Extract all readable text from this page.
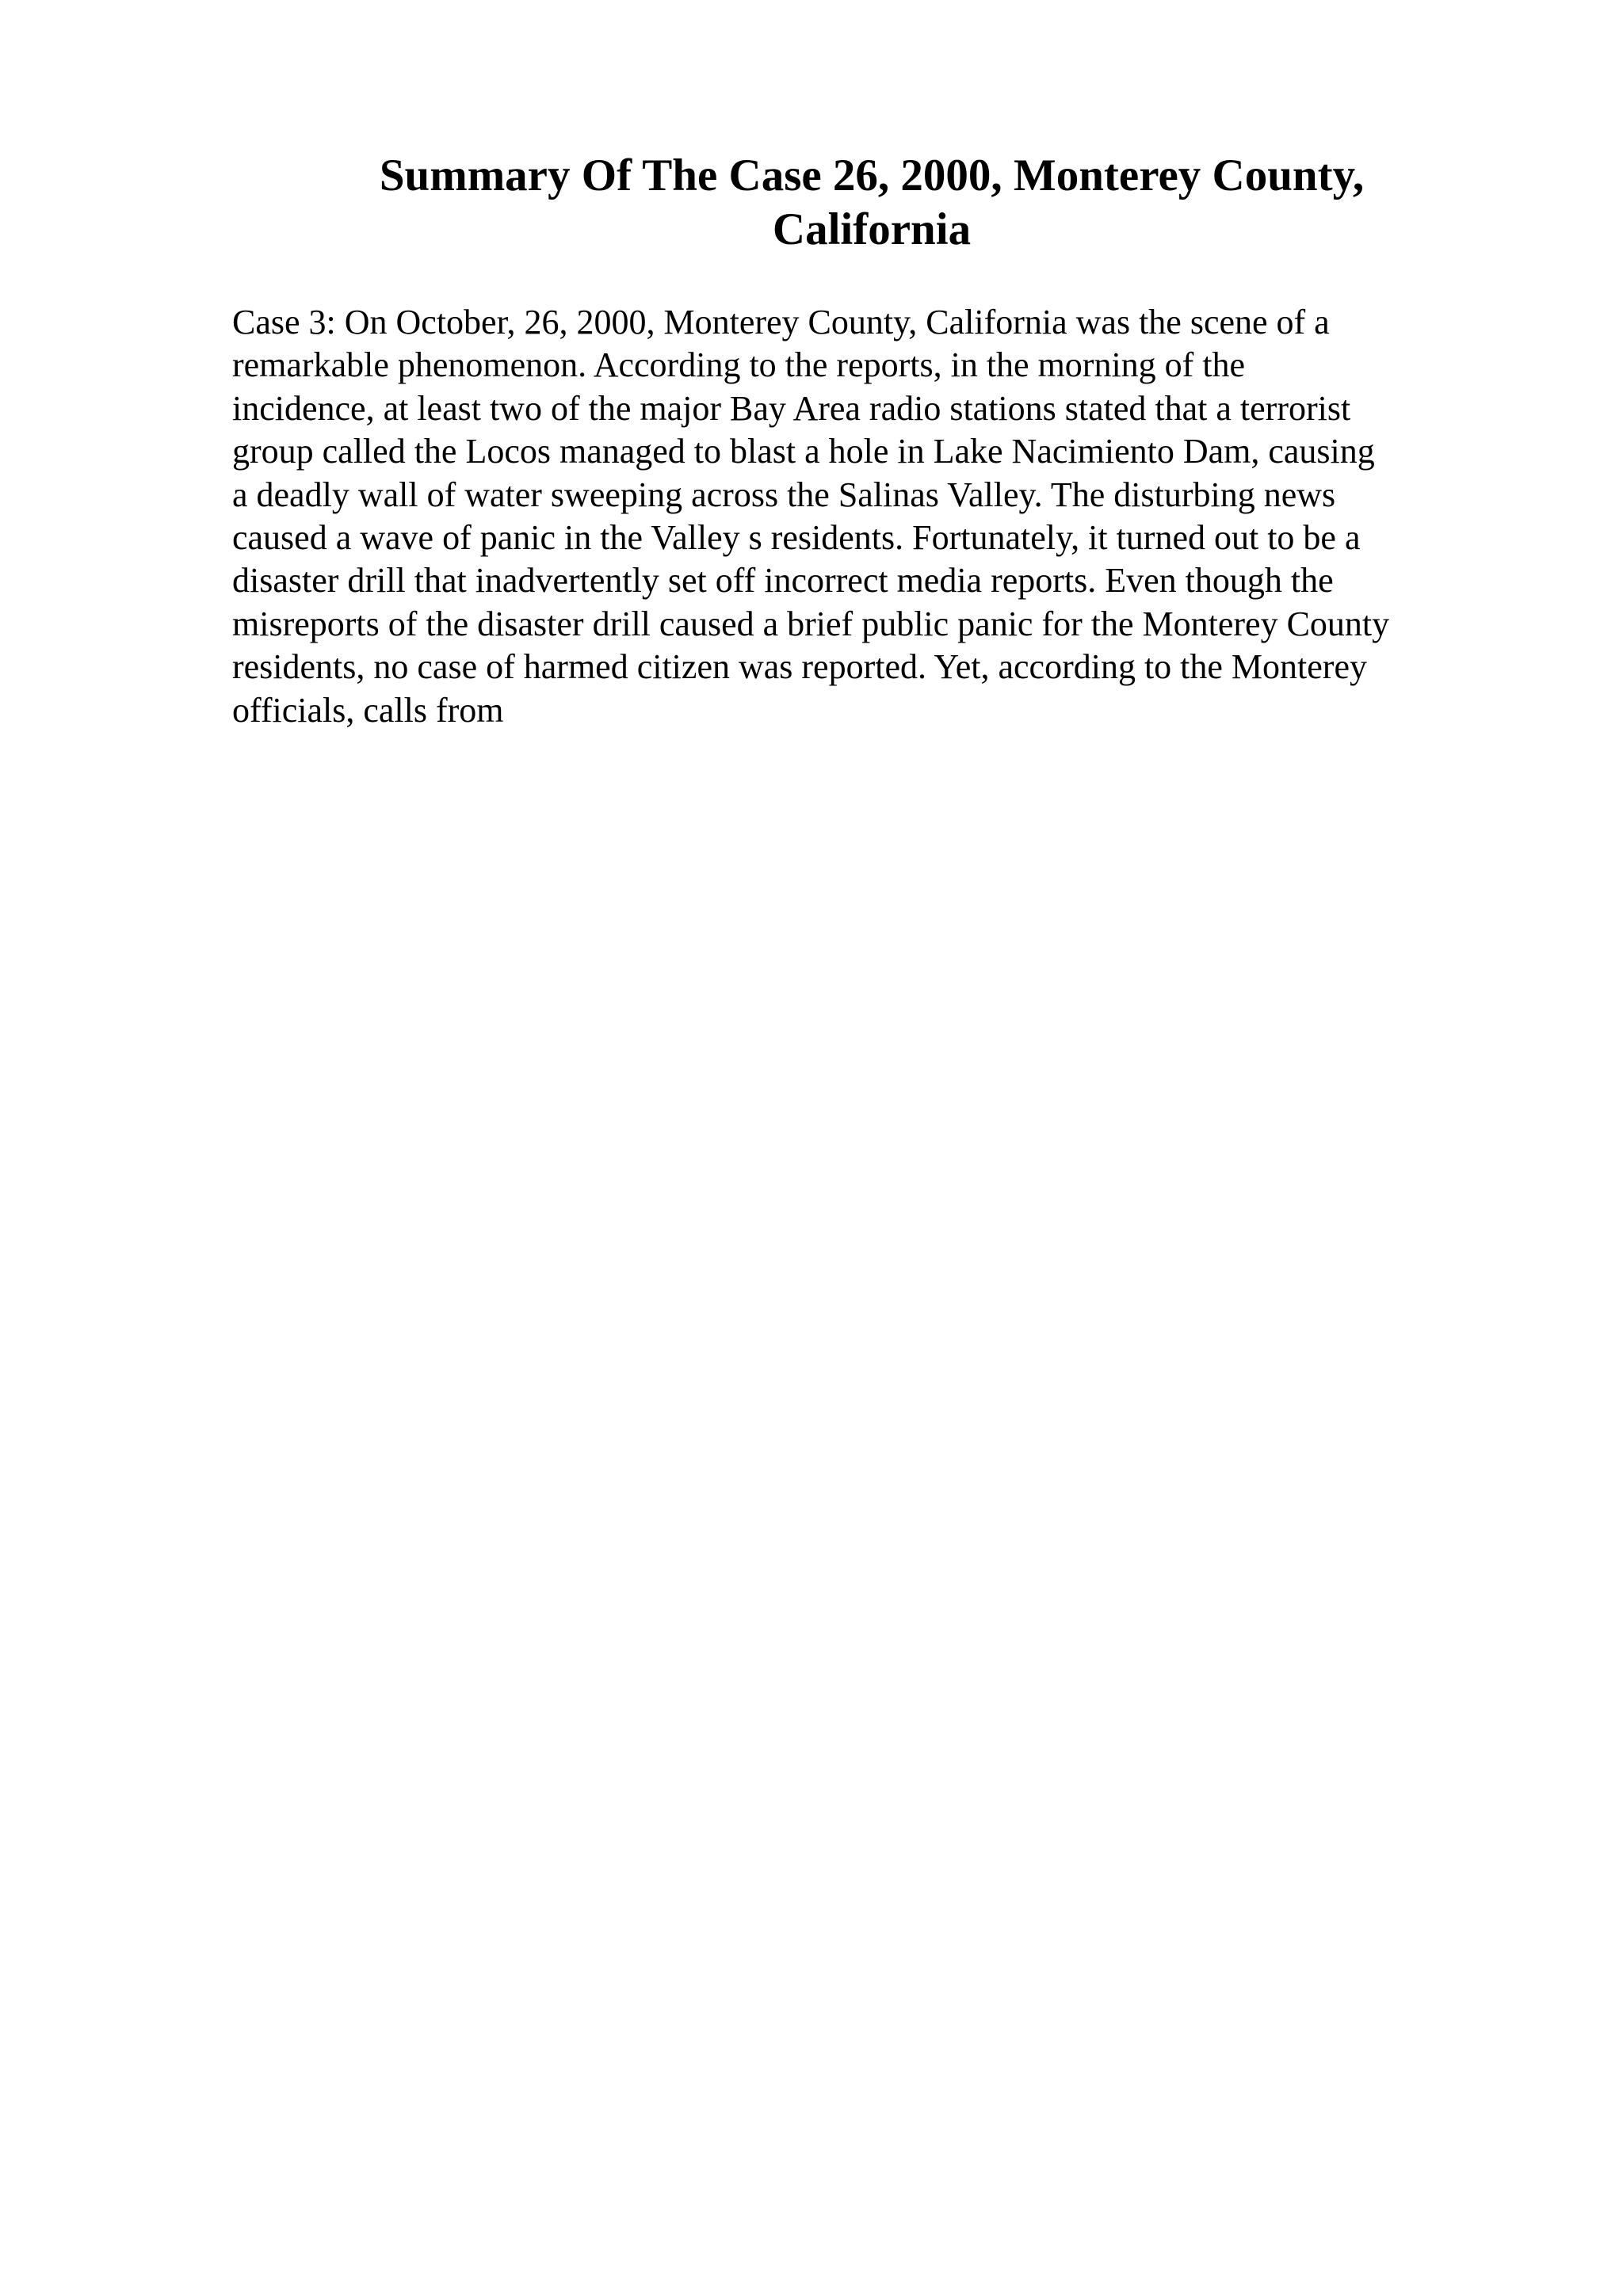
Summary Of The Case 26, 2000, Monterey County,
California

Case 3: On October, 26, 2000, Monterey County, California was the scene of a
remarkable phenomenon. According to the reports, in the morning of the
incidence, at least two of the major Bay Area radio stations stated that a terrorist
group called the Locos managed to blast a hole in Lake Nacimiento Dam, causing
a deadly wall of water sweeping across the Salinas Valley. The disturbing news
caused a wave of panic in the Valley s residents. Fortunately, it turned out to be a
disaster drill that inadvertently set off incorrect media reports. Even though the
misreports of the disaster drill caused a brief public panic for the Monterey County
residents, no case of harmed citizen was reported. Yet, according to the Monterey
officials, calls from
